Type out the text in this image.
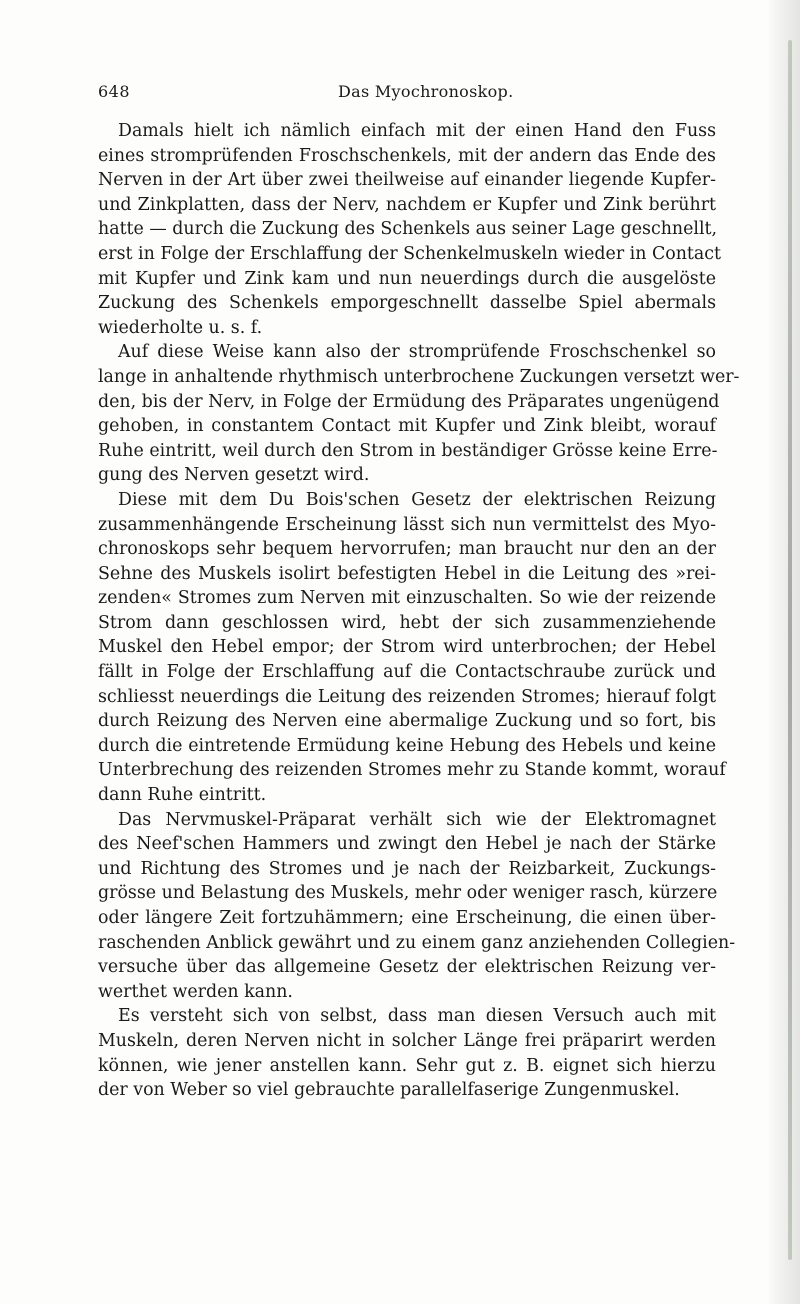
648	Das Myochronoskop.

Damals hielt ich nämlich einfach mit der einen Hand den Fuss
eines stromprüfenden Froschschenkels, mit der andern das Ende des
Nerven in der Art über zwei theilweise auf einander liegende Kupfer-
und Zinkplatten, dass der Nerv, nachdem er Kupfer und Zink berührt
hatte — durch die Zuckung des Schenkels aus seiner Lage geschnellt,
erst in Folge der Erschlaffung der Schenkelmuskeln wieder in Contact
mit Kupfer und Zink kam und nun neuerdings durch die ausgelöste
Zuckung des Schenkels emporgeschnellt dasselbe Spiel abermals
wiederholte u. s. f.

Auf diese Weise kann also der stromprüfende Froschschenkel so
lange in anhaltende rhythmisch unterbrochene Zuckungen versetzt wer-
den, bis der Nerv, in Folge der Ermüdung des Präparates ungenügend
gehoben, in constantem Contact mit Kupfer und Zink bleibt, worauf
Ruhe eintritt, weil durch den Strom in beständiger Grösse keine Erre-
gung des Nerven gesetzt wird.

Diese mit dem Du Bois'schen Gesetz der elektrischen Reizung
zusammenhängende Erscheinung lässt sich nun vermittelst des Myo-
chronoskops sehr bequem hervorrufen; man braucht nur den an der
Sehne des Muskels isolirt befestigten Hebel in die Leitung des »rei-
zenden« Stromes zum Nerven mit einzuschalten. So wie der reizende
Strom dann geschlossen wird, hebt der sich zusammenziehende
Muskel den Hebel empor; der Strom wird unterbrochen; der Hebel
fällt in Folge der Erschlaffung auf die Contactschraube zurück und
schliesst neuerdings die Leitung des reizenden Stromes; hierauf folgt
durch Reizung des Nerven eine abermalige Zuckung und so fort, bis
durch die eintretende Ermüdung keine Hebung des Hebels und keine
Unterbrechung des reizenden Stromes mehr zu Stande kommt, worauf
dann Ruhe eintritt.

Das Nervmuskel-Präparat verhält sich wie der Elektromagnet
des Neef'schen Hammers und zwingt den Hebel je nach der Stärke
und Richtung des Stromes und je nach der Reizbarkeit, Zuckungs-
grösse und Belastung des Muskels, mehr oder weniger rasch, kürzere
oder längere Zeit fortzuhämmern; eine Erscheinung, die einen über-
raschenden Anblick gewährt und zu einem ganz anziehenden Collegien-
versuche über das allgemeine Gesetz der elektrischen Reizung ver-
werthet werden kann.

Es versteht sich von selbst, dass man diesen Versuch auch mit
Muskeln, deren Nerven nicht in solcher Länge frei präparirt werden
können, wie jener anstellen kann. Sehr gut z. B. eignet sich hierzu
der von Weber so viel gebrauchte parallelfaserige Zungenmuskel.
